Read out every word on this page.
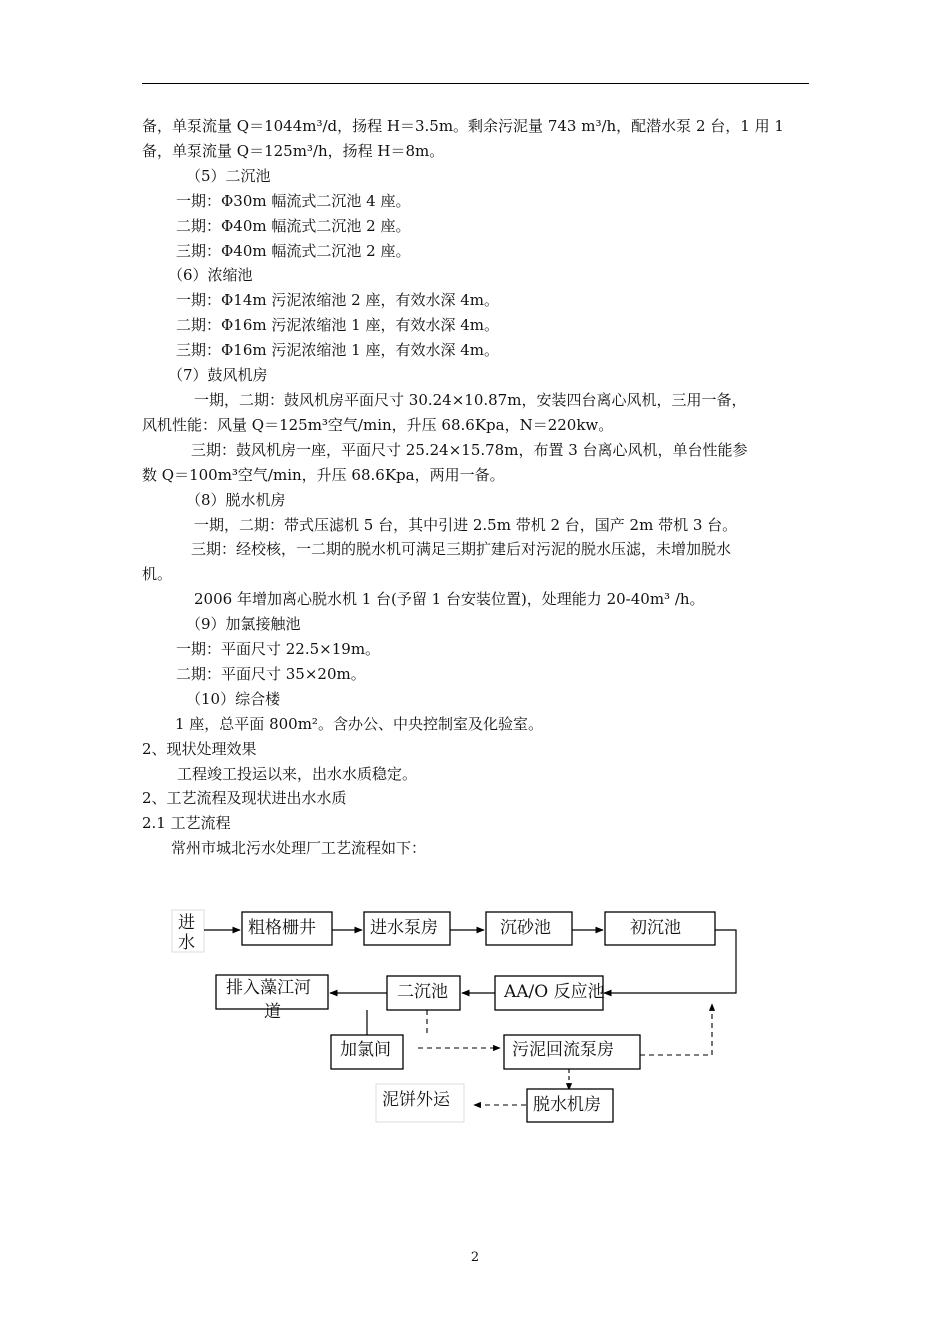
备，单泵流量 Q＝1044m³/d，扬程 H＝3.5m。剩余污泥量 743 m³/h，配潜水泵 2 台，1 用 1

备，单泵流量 Q＝125m³/h，扬程 H＝8m。

（5）二沉池

一期：Φ30m 幅流式二沉池 4 座。

二期：Φ40m 幅流式二沉池 2 座。

三期：Φ40m 幅流式二沉池 2 座。

（6）浓缩池

一期：Φ14m 污泥浓缩池 2 座，有效水深 4m。

二期：Φ16m 污泥浓缩池 1 座，有效水深 4m。

三期：Φ16m 污泥浓缩池 1 座，有效水深 4m。

（7）鼓风机房

一期，二期：鼓风机房平面尺寸 30.24×10.87m，安装四台离心风机，三用一备，

风机性能：风量 Q＝125m³空气/min，升压 68.6Kpa，N＝220kw。

三期：鼓风机房一座，平面尺寸 25.24×15.78m，布置 3 台离心风机，单台性能参

数 Q＝100m³空气/min，升压 68.6Kpa，两用一备。

（8）脱水机房

一期，二期：带式压滤机 5 台，其中引进 2.5m 带机 2 台，国产 2m 带机 3 台。

三期：经校核，一二期的脱水机可满足三期扩建后对污泥的脱水压滤，未增加脱水

机。

2006 年增加离心脱水机 1 台(予留 1 台安装位置)，处理能力 20-40m³ /h。

（9）加氯接触池

一期：平面尺寸 22.5×19m。

二期：平面尺寸 35×20m。

（10）综合楼

1 座，总平面 800m²。含办公、中央控制室及化验室。

2、现状处理效果

工程竣工投运以来，出水水质稳定。

2、工艺流程及现状进出水水质

2.1 工艺流程

常州市城北污水处理厂工艺流程如下：

进
水
粗格栅井	进水泵房	沉砂池	初沉池
排入藻江河
道
二沉池	AA/O 反应池
加氯间	污泥回流泵房
泥饼外运	脱水机房
2
